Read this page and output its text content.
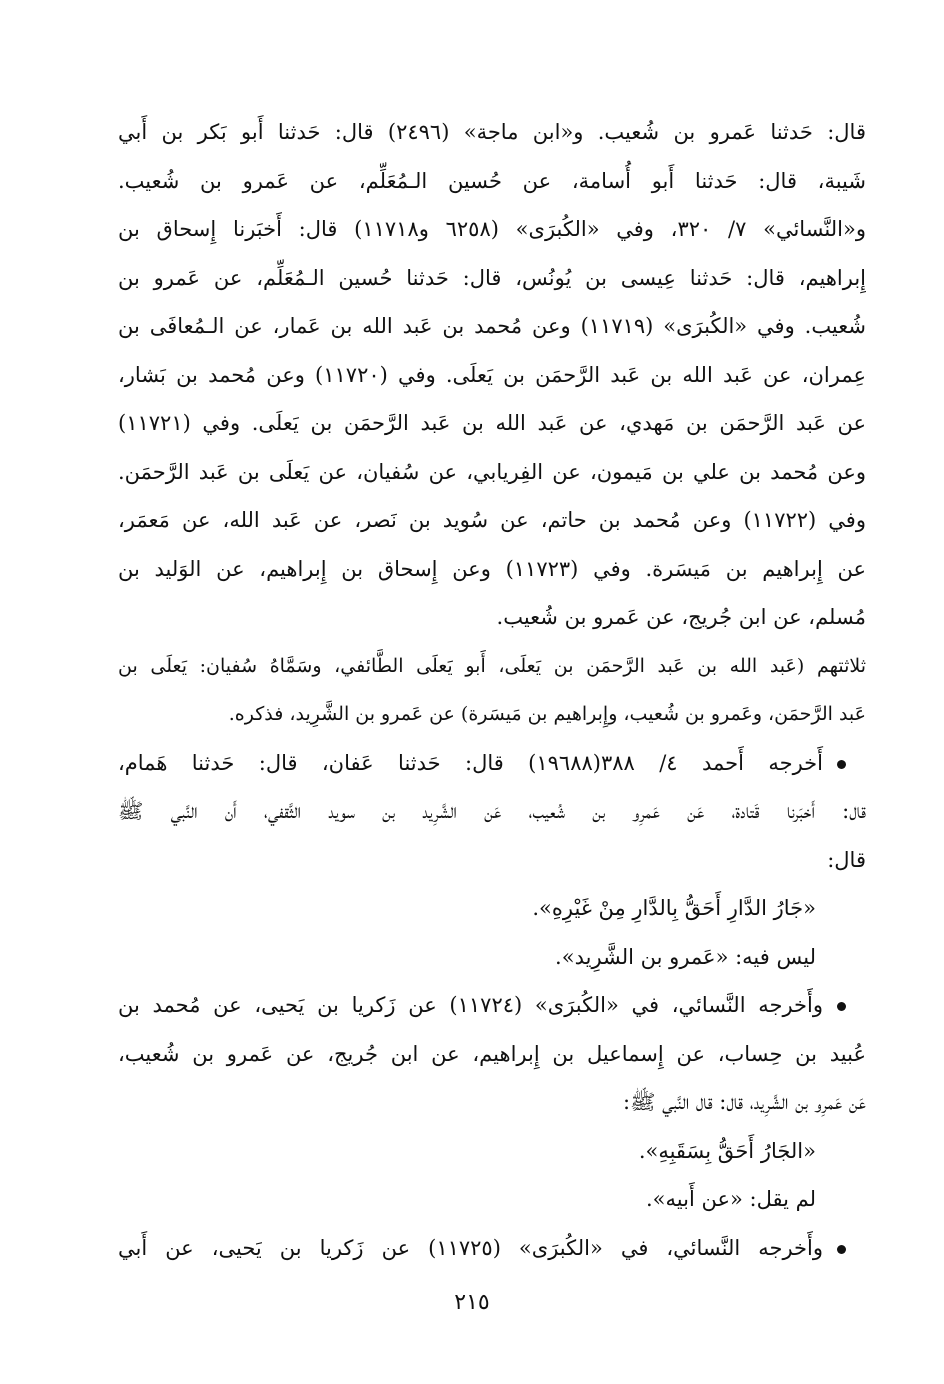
قال: حَدثنا عَمرو بن شُعيب. و«ابن ماجة» (٢٤٩٦) قال: حَدثنا أَبو بَكر بن أَبي
شَيبة، قال: حَدثنا أَبو أُسامة، عن حُسين الـمُعَلِّم، عن عَمرو بن شُعيب.
و«النَّسائي» ٧/ ٣٢٠، وفي «الكُبرَى» (٦٢٥٨ و١١٧١٨) قال: أَخبَرنا إِسحاق بن
إِبراهيم، قال: حَدثنا عِيسى بن يُونُس، قال: حَدثنا حُسين الـمُعَلِّم، عن عَمرو بن
شُعيب. وفي «الكُبرَى» (١١٧١٩) وعن مُحمد بن عَبد الله بن عَمار، عن الـمُعافَى بن
عِمران، عن عَبد الله بن عَبد الرَّحمَن بن يَعلَى. وفي (١١٧٢٠) وعن مُحمد بن بَشار،
عن عَبد الرَّحمَن بن مَهدي، عن عَبد الله بن عَبد الرَّحمَن بن يَعلَى. وفي (١١٧٢١)
وعن مُحمد بن علي بن مَيمون، عن الفِريابي، عن سُفيان، عن يَعلَى بن عَبد الرَّحمَن.
وفي (١١٧٢٢) وعن مُحمد بن حاتم، عن سُويد بن نَصر، عن عَبد الله، عن مَعمَر،
عن إِبراهيم بن مَيسَرة. وفي (١١٧٢٣) وعن إِسحاق بن إِبراهيم، عن الوَليد بن
مُسلم، عن ابن جُريج، عن عَمرو بن شُعيب.
ثلاثتهم (عَبد الله بن عَبد الرَّحمَن بن يَعلَى، أَبو يَعلَى الطَّائفي، وسَمَّاهُ سُفيان: يَعلَى بن
عَبد الرَّحمَن، وعَمرو بن شُعيب، وإِبراهيم بن مَيسَرة) عن عَمرو بن الشَّرِيد، فذكره.
أَخرجه أَحمد ٤/ ٣٨٨(١٩٦٨٨) قال: حَدثنا عَفان، قال: حَدثنا هَمام،
قال: أَخبَرنا قَتادة، عَن عَمرِو بن شُعيب، عَن الشَّرِيد بن سويد الثَّقفي، أَن النَّبي ﷺ
قال:
«جَارُ الدَّارِ أَحَقُّ بِالدَّارِ مِنْ غَيْرِهِ».
ليس فيه: «عَمرو بن الشَّرِيد».
وأَخرجه النَّسائي، في «الكُبرَى» (١١٧٢٤) عن زَكريا بن يَحيى، عن مُحمد بن
عُبيد بن حِساب، عن إِسماعيل بن إِبراهيم، عن ابن جُريج، عن عَمرو بن شُعيب،
عَن عَمرِو بن الشَّرِيد، قال: قال النَّبي ﷺ:
«الجَارُ أَحَقُّ بِسَقَبِهِ».
لم يقل: «عن أَبيه».
وأَخرجه النَّسائي، في «الكُبرَى» (١١٧٢٥) عن زَكريا بن يَحيى، عن أَبي
٢١٥
